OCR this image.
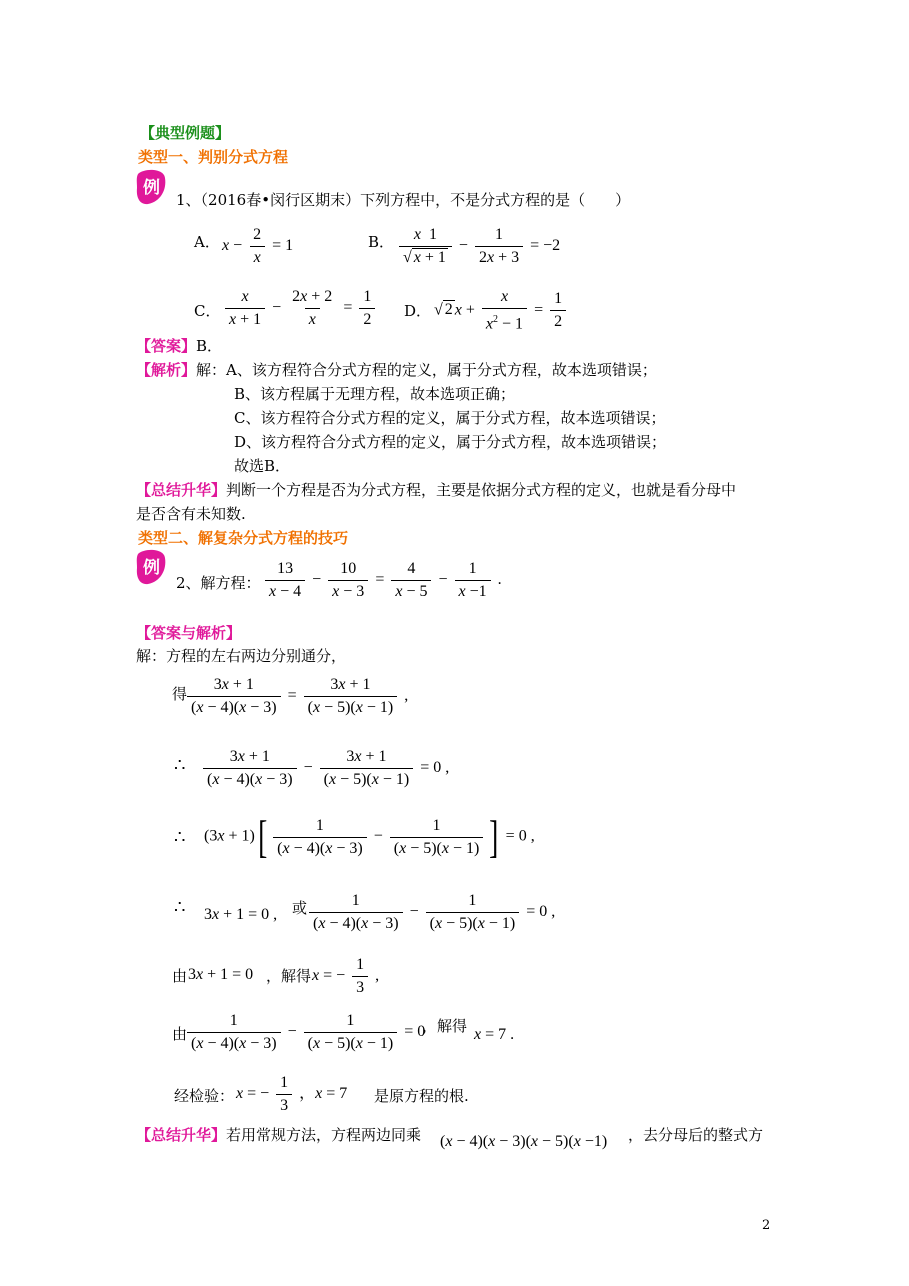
【典型例题】
类型一、判别分式方程
例
1、（2016春•闵行区期末）下列方程中，不是分式方程的是（　　）
A． $x - \frac{2}{x} = 1$	B． $\frac{x 1}{√ x + 1} - \frac{1}{2x + 3} = -2$
C． $\frac{x}{x + 1} - \frac{2x + 2}{x} = \frac{1}{2}$ D． √ 2 $x + \frac{x}{x^2 - 1} = \frac{1}{2}$
【答案】B．
【解析】解：A、该方程符合分式方程的定义，属于分式方程，故本选项错误；
B、该方程属于无理方程，故本选项正确；
C、该方程符合分式方程的定义，属于分式方程，故本选项错误；
D、该方程符合分式方程的定义，属于分式方程，故本选项错误；
故选B．
【总结升华】判断一个方程是否为分式方程，主要是依据分式方程的定义，也就是看分母中
是否含有未知数.
类型二、解复杂分式方程的技巧
例
2、解方程： $\frac{13}{x - 4} - \frac{10}{x - 3} = \frac{4}{x - 5} - \frac{1}{x -1}$ .
【答案与解析】
解：方程的左右两边分别通分，
得 $\frac{3x + 1}{(x - 4)(x - 3)} = \frac{3x + 1}{(x - 5)(x - 1)}$ ,
∴ $\frac{3x + 1}{(x - 4)(x - 3)} - \frac{3x + 1}{(x - 5)(x - 1)} = 0$ ,
∴ $(3x + 1)[ \frac{1}{(x - 4)(x - 3)} - \frac{1}{(x - 5)(x - 1)}$ ] = 0 ,
∴ 3x + 1 = 0 , 或 $\frac{1}{(x - 4)(x - 3)} - \frac{1}{(x - 5)(x - 1)} = 0$ ,
由 3x + 1 = 0 ，解得 x = − $\frac{1}{3}$ ,
由 $\frac{1}{(x - 4)(x - 3)} - \frac{1}{(x - 5)(x - 1)} = 0$
，解得 x = 7 .
经检验： x = − $\frac{1}{3}$ ，x = 7 是原方程的根.
【总结升华】若用常规方法，方程两边同乘 (x − 4)(x − 3)(x − 5)(x −1) ，去分母后的整式方
2
